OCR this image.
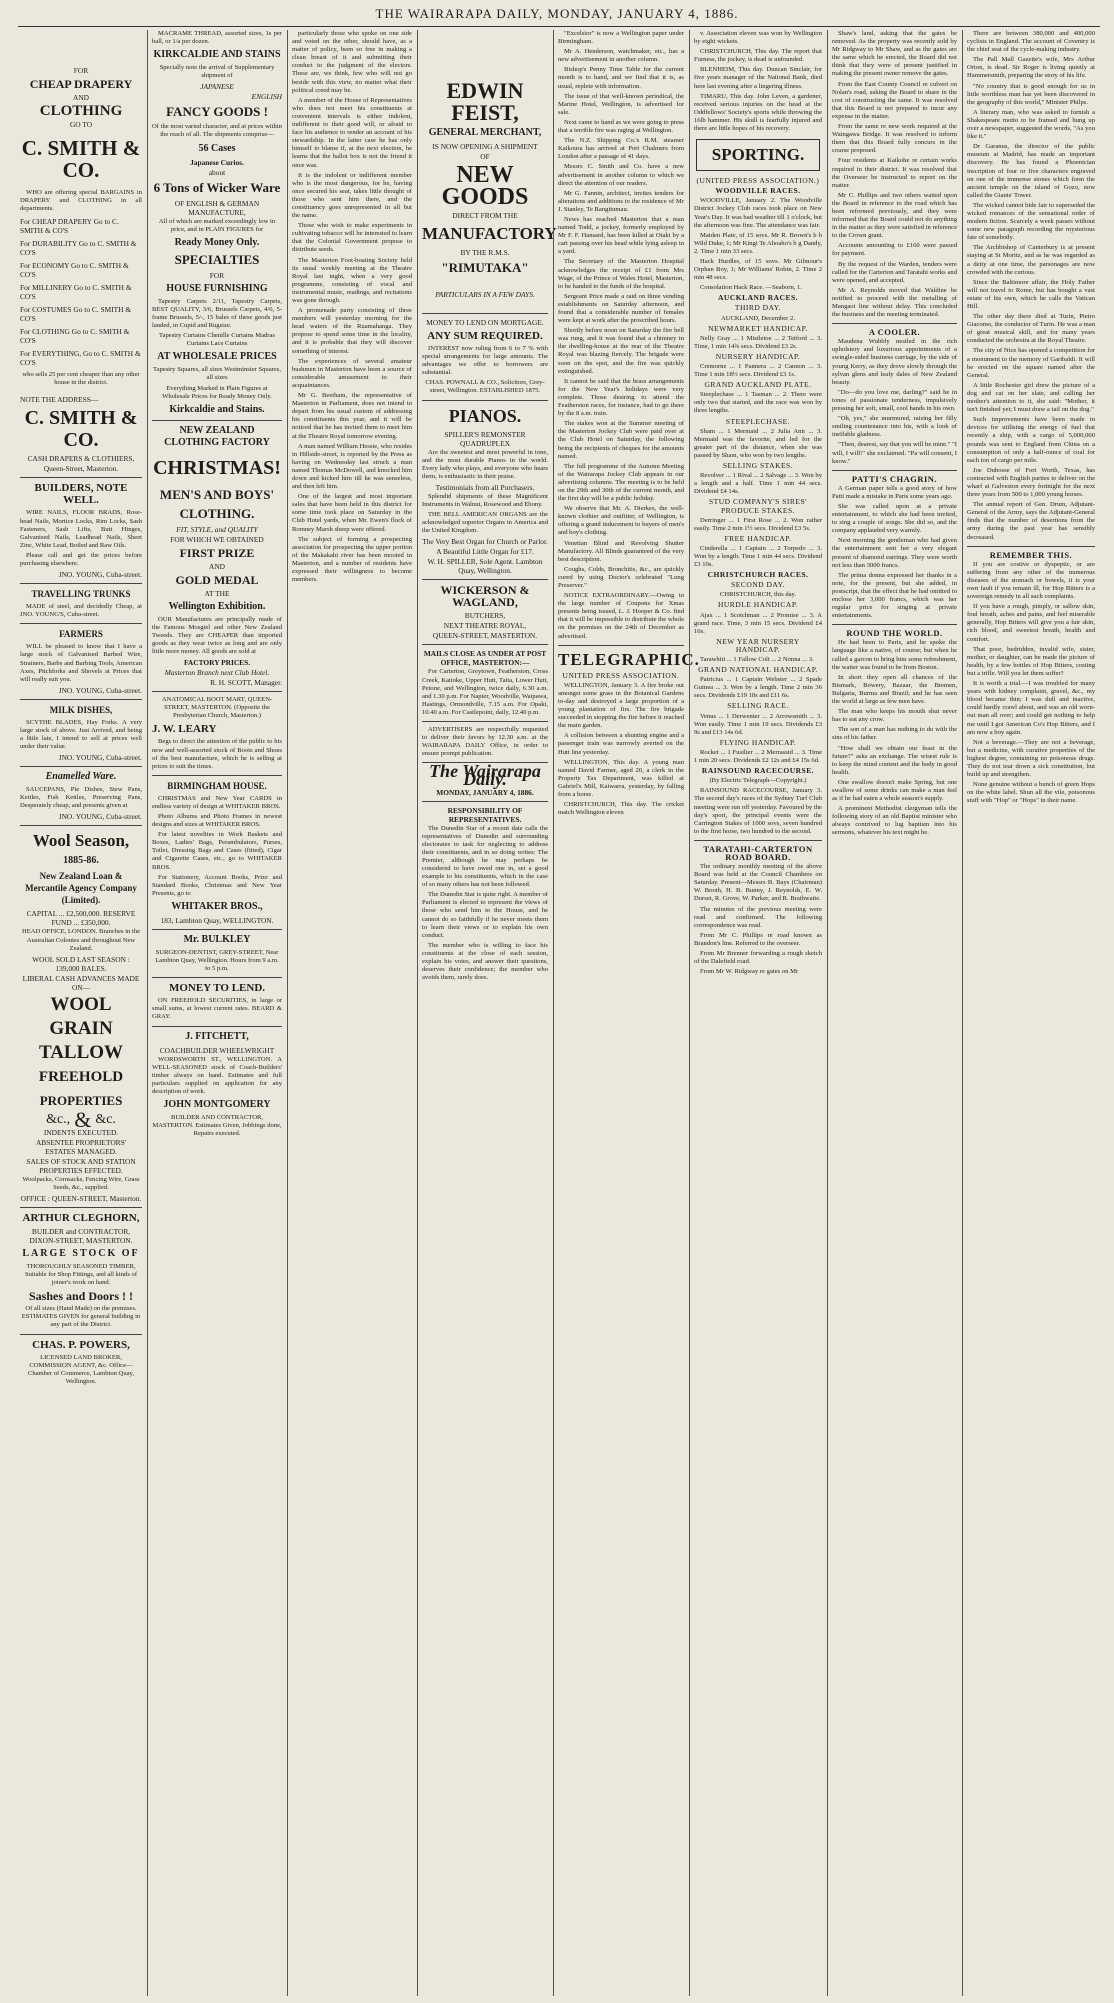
THE WAIRARAPA DAILY, MONDAY, JANUARY 4, 1886.
FOR
CHEAP DRAPERY
AND
CLOTHING
GO TO
C. SMITH & CO.

WHO are offering special BARGAINS in DRAPERY and CLOTHING in all departments.

For CHEAP DRAPERY Go to C. SMITH & CO'S
For DURABILITY Go to C. SMITH & CO'S
For ECONOMY Go to C. SMITH & CO'S
For MILLINERY Go to C. SMITH & CO'S
For COSTUMES Go to C. SMITH & CO'S
For CLOTHING Go to C. SMITH & CO'S
For EVERYTHING, Go to C. SMITH & CO'S

who sells 25 per cent cheaper than any other house in the district.

NOTE THE ADDRESS—
C. SMITH & CO.
CASH DRAPERS & CLOTHIERS,
Queen-Street, Masterton.
BUILDERS, NOTE WELL.

WIRE NAILS, FLOOR BRADS, Rose-head Nails, Mortice Locks, Rim Locks, Sash Fasteners, Sash Lifts, Butt Hinges, Galvanised Nails, Leadhead Nails, Sheet Zinc, White Lead, Boiled and Raw Oils.

Please call and get the prices before purchasing elsewhere.

JNO. YOUNG, Cuba-street.
TRAVELLING TRUNKS

MADE of steel, and decidedly Cheap, at JNO. YOUNG'S, Cuba-street.

FARMERS

WILL be pleased to know that I have a large stock of Galvanised Barbed Wire, Strainers, Barbs and Barbing Tools, American Axes, Pitchforks and Shovels at Prices that will really suit you.

JNO. YOUNG, Cuba-street.
MILK DISHES,

SCYTHE BLADES, Hay Forks. A very large stock of above. Just Arrived, and being a little late, I intend to sell at prices well under their value.

JNO. YOUNG, Cuba-street.
Enamelled Ware.

SAUCEPANS, Pie Dishes, Stew Pans, Kettles, Fish Kettles, Preserving Pans, Desperately cheap, and presents given at

JNO. YOUNG, Cuba-street.
Wool Season,
1885-86.
New Zealand Loan & Mercantile Agency Company (Limited).
CAPITAL ... £2,500,000. RESERVE FUND ... £350,000.

HEAD OFFICE, LONDON. Branches in the Australian Colonies and throughout New Zealand.

WOOL SOLD LAST SEASON : 139,000 BALES.
LIBERAL CASH ADVANCES MADE ON—
WOOL
GRAIN
TALLOW
FREEHOLD
PROPERTIES
&c., & &c.
INDENTS EXECUTED.
ABSENTEE PROPRIETORS' ESTATES MANAGED.
SALES OF STOCK AND STATION PROPERTIES EFFECTED.

Woolpacks, Cornsacks, Fencing Wire, Grass Seeds, &c., supplied.

OFFICE : QUEEN-STREET, Masterton.
ARTHUR CLEGHORN,
BUILDER and CONTRACTOR, DIXON-STREET, MASTERTON.
LARGE STOCK OF

THOROUGHLY SEASONED TIMBER, Suitable for Shop Fittings, and all kinds of joiner's work on hand.

Sashes and Doors ! !

Of all sizes (Hand Made) on the premises. ESTIMATES GIVEN for general building in any part of the District.

CHAS. P. POWERS,

LICENSED LAND BROKER, COMMISSION AGENT, &c. Office—Chamber of Commerce, Lambton Quay, Wellington.

MACRAME THREAD, assorted sizes, 1s per ball, or 1/a per dozen.

KIRKCALDIE AND STAINS

Specially note the arrival of Supplementary shipment of

JAPANESE
ENGLISH
FANCY GOODS !

Of the most varied character, and at prices within the reach of all. The shipments comprise—

56 Cases
Japanese Curios.
about
6 Tons of Wicker Ware
OF ENGLISH & GERMAN MANUFACTURE,

All of which are marked exceedingly low in price, and in PLAIN FIGURES for

Ready Money Only.
SPECIALTIES
FOR
HOUSE FURNISHING

Tapestry Carpets 2/11, Tapestry Carpets, BEST QUALITY, 3/6, Brussels Carpets, 4/6, 5-frame Brussels, 5/-, 15 bales of these goods just landed, in Cupid and Rugsize.

Tapestry Curtains Chenille Curtains Madras Curtains Lace Curtains

AT WHOLESALE PRICES

Tapestry Squares, all sizes Westminster Squares, all sizes

Everything Marked in Plain Figures at Wholesale Prices for Ready Money Only.

Kirkcaldie and Stains.
NEW ZEALAND CLOTHING FACTORY
CHRISTMAS!
MEN'S AND BOYS'
CLOTHING.
FIT, STYLE, and QUALITY
FOR WHICH WE OBTAINED
FIRST PRIZE
AND
GOLD MEDAL
AT THE
Wellington Exhibition.

OUR Manufactures are principally made of the Famous Mosgiel and other New Zealand Tweeds. They are CHEAPER than imported goods as they wear twice as long and are only little more money. All goods are sold at

FACTORY PRICES.
Masterton Branch next Club Hotel.
R. H. SCOTT, Manager.

ANATOMICAL BOOT MART, QUEEN-STREET, MASTERTON. (Opposite the Presbyterian Church, Masterton.)

J. W. LEARY

Begs to direct the attention of the public to his new and well-assorted stock of Boots and Shoes of the best manufacture, which he is selling at prices to suit the times.

BIRMINGHAM HOUSE.

CHRISTMAS and New Year CARDS in endless variety of design at WHITAKER BROS.

Photo Albums and Photo Frames in newest designs and sizes at WHITAKER BROS.

For latest novelties in Work Baskets and Boxes, Ladies' Bags, Perambulators, Purses, Toilet, Dressing Bags and Cases (fitted), Cigar and Cigarette Cases, etc., go to WHITAKER BROS.

For Stationery, Account Books, Prize and Standard Books, Christmas and New Year Presents, go to

WHITAKER BROS.,
183, Lambton Quay, WELLINGTON.
Mr. BULKLEY

SURGEON-DENTIST, GREY-STREET, Near Lambton Quay, Wellington. Hours from 9 a.m. to 5 p.m.

MONEY TO LEND.

ON FREEHOLD SECURITIES, in large or small sums, at lowest current rates. BEARD & GRAY.

J. FITCHETT,
COACHBUILDER WHEELWRIGHT

WORDSWORTH ST., WELLINGTON. A WELL-SEASONED stock of Coach-Builders' timber always on hand. Estimates and full particulars supplied on application for any description of work.

JOHN MONTGOMERY

BUILDER AND CONTRACTOR, MASTERTON. Estimates Given, Jobbings done, Repairs executed.

particularly those who spoke on one side and voted on the other, should have, as a matter of policy, been so free in making a clean breast of it and submitting their conduct to the judgment of the electors. These are, we think, few who will not go beside with this view, no matter what their political creed may be.

A member of the House of Representatives who does not meet his constituents at convenient intervals is either indolent, indifferent to their good will, or afraid to face his audience to render an account of his stewardship. In the latter case he has only himself to blame if, at the next election, he learns that the ballot box is not the friend it once was.

It is the indolent or indifferent member who is the most dangerous, for he, having once secured his seat, takes little thought of those who sent him there, and the constituency goes unrepresented in all but the name.

Those who wish to make experiments in cultivating tobacco will be interested to learn that the Colonial Government propose to distribute seeds.

The Masterton Foot-boating Society held its usual weekly meeting at the Theatre Royal last night, when a very good programme, consisting of vocal and instrumental music, readings, and recitations was gone through.

A promenade party consisting of three members will yesterday morning for the head waters of the Ruamahanga. They propose to spend some time in the locality, and it is probable that they will discover something of interest.

The experiences of several amateur bushmen in Masterton have been a source of considerable amusement to their acquaintances.

Mr G. Beetham, the representative of Masterton in Parliament, does not intend to depart from his usual custom of addressing his constituents this year, and it will be noticed that he has invited them to meet him at the Theatre Royal tomorrow evening.

A man named William Hessie, who resides in Hillside-street, is reported by the Press as having on Wednesday last struck a man named Thomas McDowell, and knocked him down and kicked him till he was senseless, and then left him.

One of the largest and most important sales that have been held in this district for some time took place on Saturday in the Club Hotel yards, when Mr. Ewen's flock of Romney Marsh sheep were offered.

The subject of forming a prospecting association for prospecting the upper portion of the Makakahi river has been mooted in Masterton, and a number of residents have expressed their willingness to become members.

EDWIN FEIST,
GENERAL MERCHANT,
IS NOW OPENING A SHIPMENT
OF
NEW GOODS
DIRECT FROM THE
MANUFACTORY
BY THE R.M.S.
"RIMUTAKA"
PARTICULARS IN A FEW DAYS.
MONEY TO LEND ON MORTGAGE.
ANY SUM REQUIRED.

INTEREST now ruling from 6 to 7 % with special arrangements for large amounts. The advantages we offer to borrowers are substantial.

CHAS. POWNALL & CO., Solicitors, Grey-street, Wellington. ESTABLISHED 1875.

PIANOS.
SPILLER'S REMONSTER QUADRUPLEX

Are the sweetest and most powerful in tone, and the most durable Pianos in the world. Every lady who plays, and everyone who hears them, is enthusiastic in their praise.

Testimonials from all Purchasers.

Splendid shipments of these Magnificent Instruments in Walnut, Rosewood and Ebony.

THE BELL AMERICAN ORGANS are the acknowledged superior Organs in America and the United Kingdom.

The Very Best Organ for Church or Parlor.
A Beautiful Little Organ for £17.
W. H. SPILLER, Sole Agent. Lambton Quay, Wellington.
WICKERSON & WAGLAND,
BUTCHERS,
NEXT THEATRE ROYAL,
QUEEN-STREET, MASTERTON.
MAILS CLOSE AS UNDER AT POST OFFICE, MASTERTON:—

For Carterton, Greytown, Featherston, Cross Creek, Kaitoke, Upper Hutt, Taita, Lower Hutt, Petone, and Wellington, twice daily, 6.30 a.m. and 1.30 p.m. For Napier, Woodville, Waipawa, Hastings, Ormondville, 7.15 a.m. For Opaki, 10.40 a.m. For Castlepoint, daily, 12.40 p.m.

ADVERTISERS are respectfully requested to deliver their favors by 12.30 a.m. at the WAIRARAPA DAILY Office, in order to ensure prompt publication.

The Wairarapa Daily.
MONDAY, JANUARY 4, 1886.
RESPONSIBILITY OF REPRESENTATIVES.

The Dunedin Star of a recent date calls the representatives of Dunedin and surrounding electorates to task for neglecting to address their constituents, and in so doing writes: The Premier, although he may perhaps be considered to have owed one in, set a good example to his constituents, which in the case of so many others has not been followed.

The Dunedin Star is quite right. A member of Parliament is elected to represent the views of those who send him to the House, and he cannot do so faithfully if he never meets them to learn their views or to explain his own conduct.

The member who is willing to face his constituents at the close of each session, explain his votes, and answer their questions, deserves their confidence; the member who avoids them, rarely does.

"Excelsior" is now a Wellington paper under Birmingham.

Mr A. Henderson, watchmaker, etc., has a new advertisement in another column.

Bishop's Penny Time Table for the current month is to hand, and we find that it is, as usual, replete with information.

The issue of that well-known periodical, the Marine Hotel, Wellington, is advertised for sale.

Next came to hand as we were going to press that a terrible fire was raging at Wellington.

The N.Z. Shipping Co.'s R.M. steamer Kaikoura has arrived at Port Chalmers from London after a passage of 41 days.

Messrs C. Smith and Co. have a new advertisement in another column to which we direct the attention of our readers.

Mr G. Fannin, architect, invites tenders for alterations and additions to the residence of Mr J. Stanley, Te Rangitumau.

News has reached Masterton that a man named Todd, a jockey, formerly employed by Mr F. F. Hansard, has been killed at Otaki by a cart passing over his head while lying asleep in a yard.

The Secretary of the Masterton Hospital acknowledges the receipt of £1 from Mrs Wage, of the Prince of Wales Hotel, Masterton, to be handed to the funds of the hospital.

Sergeant Price made a raid on three vending establishments on Saturday afternoon, and found that a considerable number of females were kept at work after the proscribed hours.

Shortly before noon on Saturday the fire bell was rung, and it was found that a chimney in the dwelling-house at the rear of the Theatre Royal was blazing fiercely. The brigade were soon on the spot, and the fire was quickly extinguished.

It cannot be said that the brass arrangements for the New Year's holidays were very complete. Those desiring to attend the Featherston races, for instance, had to go there by the 8 a.m. train.

The stakes won at the Summer meeting of the Masterton Jockey Club were paid over at the Club Hotel on Saturday, the following being the recipients of cheques for the amounts named.

The full programme of the Autumn Meeting of the Wairarapa Jockey Club appears in our advertising columns. The meeting is to be held on the 29th and 30th of the current month, and the first day will be a public holiday.

We observe that Mr. A. Dierkes, the well-known clothier and outfitter, of Wellington, is offering a grand inducement to buyers of men's and boy's clothing.

Venetian Blind and Revolving Shutter Manufactory. All Blinds guaranteed of the very best description.

Coughs, Colds, Bronchitis, &c., are quickly cured by using Doctor's celebrated "Lung Preserver."

NOTICE EXTRAORDINARY.—Owing to the large number of Coupons for Xmas presents being issued, L. J. Hooper & Co. find that it will be impossible to distribute the whole on the premises on the 24th of December as advertised.

TELEGRAPHIC.
UNITED PRESS ASSOCIATION.

WELLINGTON, January 3. A fire broke out amongst some grass in the Botanical Gardens to-day and destroyed a large proportion of a young plantation of firs. The fire brigade succeeded in stopping the fire before it reached the main garden.

A collision between a shunting engine and a passenger train was narrowly averted on the Hutt line yesterday.

WELLINGTON, This day. A young man named David Farmer, aged 20, a clerk in the Property Tax Department, was killed at Gabriel's Mill, Kaiwarra, yesterday, by falling from a horse.

CHRISTCHURCH, This day. The cricket match Wellington eleven

v. Association eleven was won by Wellington by eight wickets.

CHRISTCHURCH, This day. The report that Furness, the jockey, is dead is unfounded.

BLENHEIM, This day. Duncan Sinclair, for five years manager of the National Bank, died here last evening after a lingering illness.

TIMARU, This day. John Leven, a gardener, received serious injuries on the head at the Oddfellows' Society's sports while throwing the 16lb hammer. His skull is fearfully injured and there are little hopes of his recovery.

SPORTING.
(UNITED PRESS ASSOCIATION.)
WOODVILLE RACES.

WOODVILLE, January 2. The Woodville District Jockey Club races took place on New Year's Day. It was bad weather till 1 o'clock, but the afternoon was fine. The attendance was fair.

Maiden Plate, of 15 sovs. Mr R. Brown's b h Wild Duke, 1; Mr Kingi Te Ahoaho's b g Dandy, 2. Time 1 min 33 secs.

Hack Hurdles, of 15 sovs. Mr Gilmour's Orphan Boy, 1; Mr Williams' Robin, 2. Time 2 min 48 secs.

Consolation Hack Race. —Seaborn, 1.

AUCKLAND RACES.
THIRD DAY.

AUCKLAND, December 2.

NEWMARKET HANDICAP.

Nelly Gray ... 1 Mistletoe ... 2 Tetford ... 3. Time, 1 min 14¾ secs. Dividend £3 2s.

NURSERY HANDICAP.

Cremorne ... 1 Pannera ... 2 Cannon ... 3. Time 1 min 18½ secs. Dividend £3 1s.

GRAND AUCKLAND PLATE.

Steeplechase ... 1 Tasman ... 2. There were only two that started, and the race was won by three lengths.

STEEPLECHASE.

Sham ... 1 Mermaid ... 2 Julia Ann ... 3. Mermaid was the favorite, and led for the greater part of the distance, when she was passed by Sham, who won by two lengths.

SELLING STAKES.

Revolver ... 1 Rival ... 2 Salvage ... 3. Won by a length and a half. Time 1 min 44 secs. Dividend £4 14s.

STUD COMPANY'S SIRES' PRODUCE STAKES.

Derringer ... 1 First Rose ... 2. Won rather easily. Time 2 min 1½ secs. Dividend £3 5s.

FREE HANDICAP.

Cinderella ... 1 Captain ... 2 Torpedo ... 3. Won by a length. Time 1 min 44 secs. Dividend £3 10s.

CHRISTCHURCH RACES.
SECOND DAY.

CHRISTCHURCH, this day.

HURDLE HANDICAP.

Ajax ... 1 Scotchman ... 2 Promise ... 3. A grand race. Time, 3 min 15 secs. Dividend £4 10s.

NEW YEAR NURSERY HANDICAP.

Tarawhiti ... 1 Fallow Colt ... 2 Nonna ... 3.

GRAND NATIONAL HANDICAP.

Patricius ... 1 Captain Webster ... 2 Spade Guinea ... 3. Won by a length. Time 2 min 36 secs. Dividends £19 10s and £11 6s.

SELLING RACE.

Venus ... 1 Derwenter ... 2 Arrowsmith ... 3. Won easily. Time 1 min 19 secs. Dividends £3 9s and £13 14s 6d.

FLYING HANDICAP.

Rocket ... 1 Fusilier ... 2 Merrassid ... 3. Time 1 min 20 secs. Dividends £2 12s and £4 15s 6d.

RAINSOUND RACECOURSE.

(By Electric Telegraph—Copyright.)

RAINSOUND RACECOURSE, January 3. The second day's races of the Sydney Turf Club meeting were run off yesterday. Favoured by the day's sport, the principal events were the Carrington Stakes of 1000 sovs, seven hundred to the first horse, two hundred to the second.

TARATAHI-CARTERTON ROAD BOARD.

The ordinary monthly meeting of the above Board was held at the Council Chambers on Saturday. Present—Messrs B. Bays (Chairman) W. Booth, H. B. Bunny, J. Reynolds, E. W. Dorset, R. Grove, W. Parker, and R. Brathwaite.

The minutes of the previous meeting were read and confirmed. The following correspondence was read.

From Mr C. Phillips re road known as Brandon's line. Referred to the overseer.

From Mr Brenner forwarding a rough sketch of the Dalefield road.

From Mr W. Ridgway re gates on Mr

Shaw's land, asking that the gates be removed. As the property was recently sold by Mr Ridgway to Mr Shaw, and as the gates are the same which he erected, the Board did not think that they were of present justified in making the present owner remove the gates.

From the East County Council re culvert on Nolan's road, asking the Board to share in the cost of constructing the same. It was resolved that this Board is not prepared to incur any expense in the matter.

From the same re new work required at the Waingawa Bridge. It was resolved to inform them that this Board fully concurs in the course proposed.

Four residents at Kaikohe re certain works required in their district. It was resolved that the Overseer be instructed to report on the matter.

Mr C. Phillips and two others waited upon the Board in reference to the road which has been reformed previously, and they were informed that the Board could not do anything in the matter as they were satisfied in reference to the Crown grant.

Accounts amounting to £160 were passed for payment.

By the request of the Warden, tenders were called for the Carterton and Taratahi works and were opened, and accepted.

Mr A. Reynolds moved that Waldine be notified to proceed with the metalling of Mangaoi line without delay. This concluded the business and the meeting terminated.

A COOLER.

Maudena Wubbly nestled in the rich upholstery and luxurious appointments of a swingle-sided business carriage, by the side of young Kerry, as they drove slowly through the sylvan glens and leafy dales of New Zealand beauty.

"Do—do you love me, darling?" said he in tones of passionate tenderness, impulsively pressing her soft, small, cool hands in his own.

"Oh, yes," she murmured, raising her filly smiling countenance into his, with a look of ineffable gladness.

"Then, dearest, say that you will be mine." "I will, I will!" she exclaimed. "Pa will consent, I know."

PATTI'S CHAGRIN.

A German paper tells a good story of how Patti made a mistake in Paris some years ago.

She was called upon at a private entertainment, to which she had been invited, to sing a couple of songs. She did so, and the company applauded very warmly.

Next morning the gentleman who had given the entertainment sent her a very elegant present of diamond earrings. They were worth not less than 3000 francs.

The prima donna expressed her thanks in a note, for the present, but she added, in postscript, that the effect that he had omitted to enclose her 3,000 francs, which was her regular price for singing at private entertainments.

ROUND THE WORLD.

He had been to Paris, and he spoke the language like a native, of course; but when he called a garcon to bring him some refreshment, the waiter was found to be from Boston.

In short they open all chances of the Bismark, Bowery, Bazaar, the Bremen, Bulgaria, Burma and Brazil; and he has seen the world at large as few men have.

The man who keeps his mouth shut never has to eat any crow.

The son of a man has nothing to do with the sins of his father.

"How shall we obtain our feast in the future?" asks an exchange. The wisest rule is to keep the mind content and the body in good health.

One swallow doesn't make Spring, but one swallow of some drinks can make a man feel as if he had eaten a whole season's supply.

A prominent Methodist clergyman tells the following story of an old Baptist minister who always contrived to lug baptism into his sermons, whatever his text might be.

There are between 380,000 and 400,000 cyclists in England. The account of Coventry is the chief seat of the cycle-making industry.

The Pall Mall Gazette's wife, Mrs Arthur Orton, is dead. Sir Roger is living quietly at Hammersmith, preparing the story of his life.

"No country that is good enough for us in little worthless man has yet been discovered in the geography of this world," Minister Philps.

A literary man, who was asked to furnish a Shakespeare motto to be framed and hung up over a newspaper, suggested the words, "As you like it."

Dr Garanus, the director of the public museum at Madrid, has made an important discovery. He has found a Phoenician inscription of four or five characters engraved on one of the immense stones which form the ancient temple on the island of Gozo, now called the Giants' Tower.

The wicked cannot bide fair to superseded the wicked romances of the sensational order of modern fiction. Scarcely a week passes without some new paragraph recording the mysterious fate of somebody.

The Archbishop of Canterbury is at present staying at St Moritz, and as he was regarded as a deity at one time, the parsonages are now crowded with the curious.

Since the Baltimore affair, the Holy Father will not travel to Rome, but has bought a vast estate of his own, which he calls the Vatican Hill.

The other day there died at Turin, Pietro Giacomo, the conductor of Turin. He was a man of great musical skill, and for many years conducted the orchestra at the Royal Theatre.

The city of Nice has opened a competition for a monument to the memory of Garibaldi. It will be erected on the square named after the General.

A little Rochester girl drew the picture of a dog and cat on her slate, and calling her mother's attention to it, she said: "Mother, it isn't finished yet; I must draw a tail on the dog."

Such improvements have been made in devices for utilising the energy of fuel that recently a ship, with a cargo of 5,000,000 pounds was sent to England from China on a consumption of only a half-ounce of coal for each ton of cargo per mile.

Joe Dubosse of Fort Worth, Texas, has contracted with English parties to deliver on the wharf at Galveston every fortnight for the next three years from 500 to 1,000 young horses.

The annual report of Gen. Drum, Adjutant-General of the Army, says the Adjutant-General finds that the number of desertions from the army during the past year has sensibly decreased.

REMEMBER THIS.

If you are costive or dyspeptic, or are suffering from any other of the numerous diseases of the stomach or bowels, it is your own fault if you remain ill, for Hop Bitters is a sovereign remedy in all such complaints.

If you have a rough, pimply, or sallow skin, foul breath, aches and pains, and feel miserable generally, Hop Bitters will give you a fair skin, rich blood, and sweetest breath, health and comfort.

That poor, bedridden, invalid wife, sister, mother, or daughter, can be made the picture of health, by a few bottles of Hop Bitters, costing but a trifle. Will you let them suffer?

It is worth a trial.—I was troubled for many years with kidney complaint, gravel, &c., my blood became thin; I was dull and inactive, could hardly crawl about, and was an old worn-out man all over; and could get nothing to help me until I got American Co's Hop Bitters, and I am now a boy again.

Not a beverage.—They are not a beverage, but a medicine, with curative properties of the highest degree, containing no poisonous drugs. They do not tear down a sick constitution, but build up and strengthen.

None genuine without a bunch of green Hops on the white label. Shun all the vile, poisonous stuff with "Hop" or "Hops" in their name.
